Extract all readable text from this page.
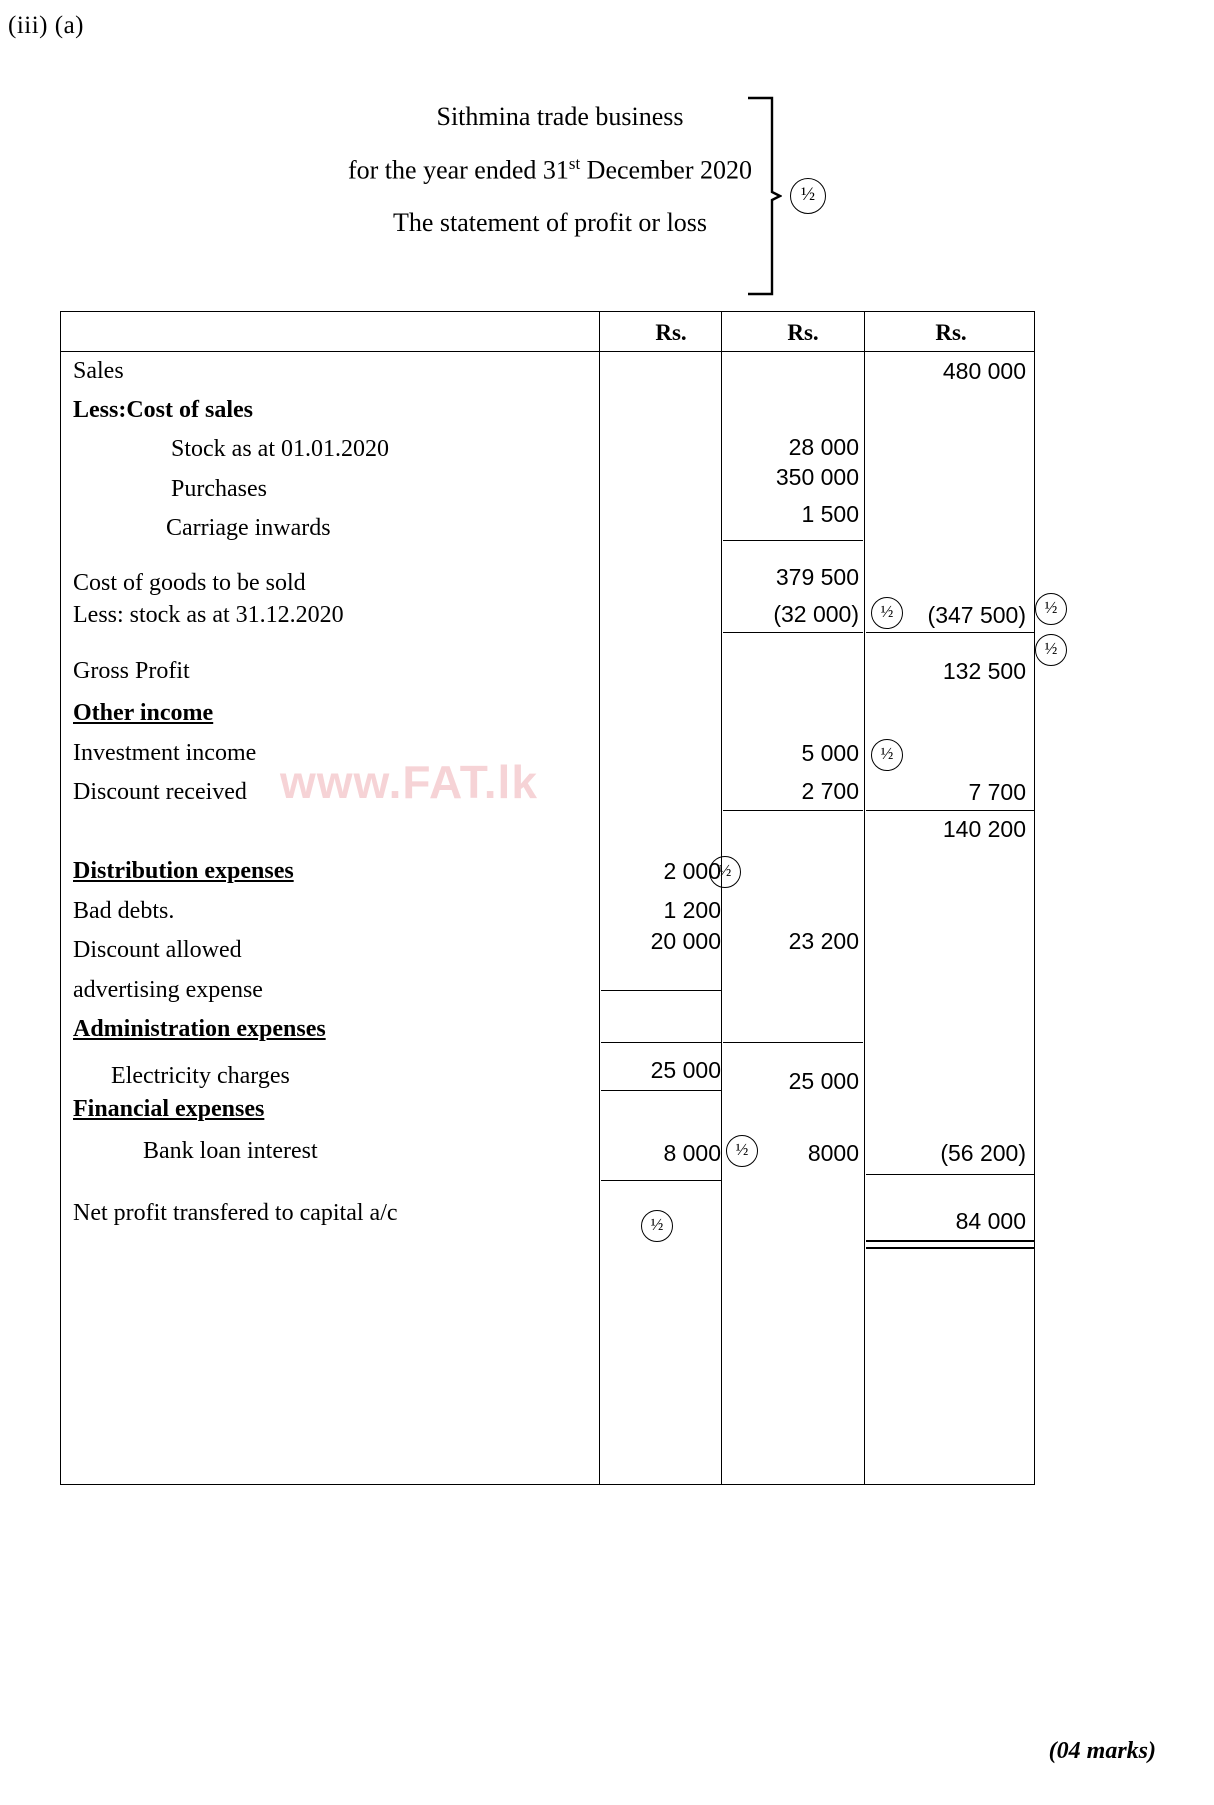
(iii) (a)
Sithmina trade business
for the year ended 31st December 2020
The statement of profit or loss
½
Rs.	Rs.	Rs.
Sales
Less:Cost of sales
Stock as at 01.01.2020
Purchases
Carriage inwards
Cost of goods to be sold
Less: stock as at 31.12.2020
Gross Profit
Other income
Investment income
Discount received
Distribution expenses
Bad debts.
Discount allowed
advertising expense
Administration expenses
Electricity charges
Financial expenses
Bank loan interest
Net profit transfered to capital a/c
480 000
(347 500)
132 500
7 700
140 200
(56 200)
84 000
28 000
350 000
1 500
379 500
(32 000)
5 000
2 700
23 200
25 000
8000
2 000
1 200
20 000
25 000
8 000
½
½
½
½
½
½
½
www.FAT.lk
(04 marks)
